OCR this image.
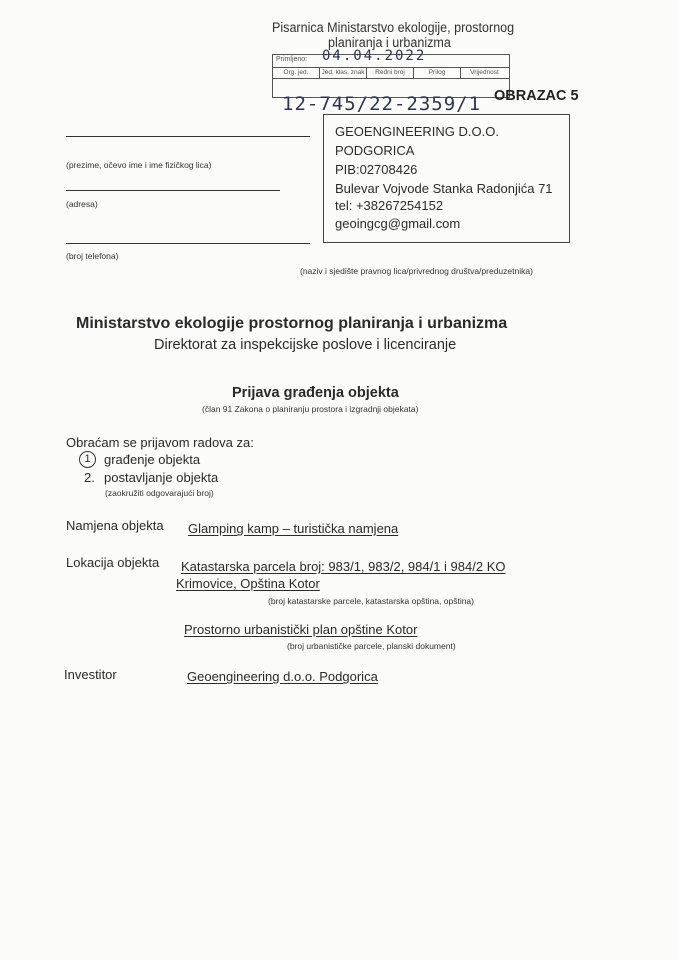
Pisarnica Ministarstvo ekologije, prostornog
planiranja i urbanizma
Primljeno:
Org. jed.	Jed. klas. znak	Redni broj	Prilog	Vrijednost
04.04.2022
12-745/22-2359/1 OBRAZAC 5
GEOENGINEERING D.O.O.
PODGORICA
PIB:02708426
Bulevar Vojvode Stanka Radonjića 71
tel: +38267254152
geoingcg@gmail.com
(prezime, očevo ime i ime fizičkog lica)
(adresa)
(broj telefona)
(naziv i sjedište pravnog lica/privrednog društva/preduzetnika)
Ministarstvo ekologije prostornog planiranja i urbanizma
Direktorat za inspekcijske poslove i licenciranje
Prijava građenja objekta
(član 91 Zakona o planiranju prostora i izgradnji objekata)
Obraćam se prijavom radova za:
1	građenje objekta
2. postavljanje objekta
(zaokružiti odgovarajući broj)
Namjena objekta Glamping kamp – turistička namjena
Lokacija objekta Katastarska parcela broj: 983/1, 983/2, 984/1 i 984/2 KO
Krimovice, Opština Kotor
(broj katastarske parcele, katastarska opština, opština)
Prostorno urbanistički plan opštine Kotor
(broj urbanističke parcele, planski dokument)
Investitor	Geoengineering d.o.o. Podgorica
